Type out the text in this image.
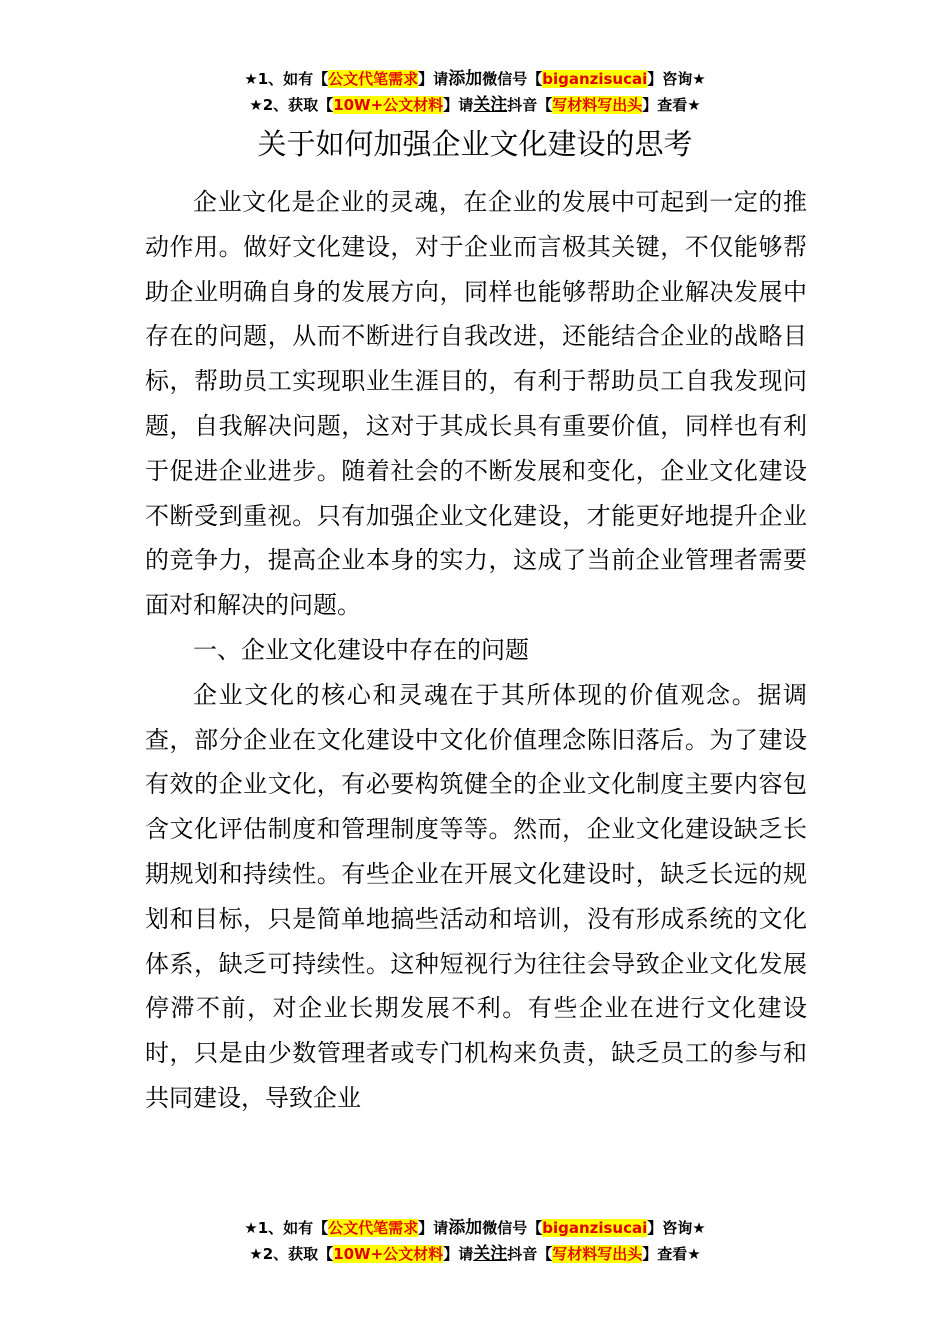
★1、如有【公文代笔需求】请添加微信号【biganzisucai】咨询★
★2、获取【10W+公文材料】请关注抖音【写材料写出头】查看★
关于如何加强企业文化建设的思考

企业文化是企业的灵魂，在企业的发展中可起到一定的推动作用。做好文化建设，对于企业而言极其关键，不仅能够帮助企业明确自身的发展方向，同样也能够帮助企业解决发展中存在的问题，从而不断进行自我改进，还能结合企业的战略目标，帮助员工实现职业生涯目的，有利于帮助员工自我发现问题，自我解决问题，这对于其成长具有重要价值，同样也有利于促进企业进步。随着社会的不断发展和变化，企业文化建设不断受到重视。只有加强企业文化建设，才能更好地提升企业的竞争力，提高企业本身的实力，这成了当前企业管理者需要面对和解决的问题。

一、企业文化建设中存在的问题

企业文化的核心和灵魂在于其所体现的价值观念。据调查，部分企业在文化建设中文化价值理念陈旧落后。为了建设有效的企业文化，有必要构筑健全的企业文化制度主要内容包含文化评估制度和管理制度等等。然而，企业文化建设缺乏长期规划和持续性。有些企业在开展文化建设时，缺乏长远的规划和目标，只是简单地搞些活动和培训，没有形成系统的文化体系，缺乏可持续性。这种短视行为往往会导致企业文化发展停滞不前，对企业长期发展不利。有些企业在进行文化建设时，只是由少数管理者或专门机构来负责，缺乏员工的参与和共同建设，导致企业

★1、如有【公文代笔需求】请添加微信号【biganzisucai】咨询★
★2、获取【10W+公文材料】请关注抖音【写材料写出头】查看★
